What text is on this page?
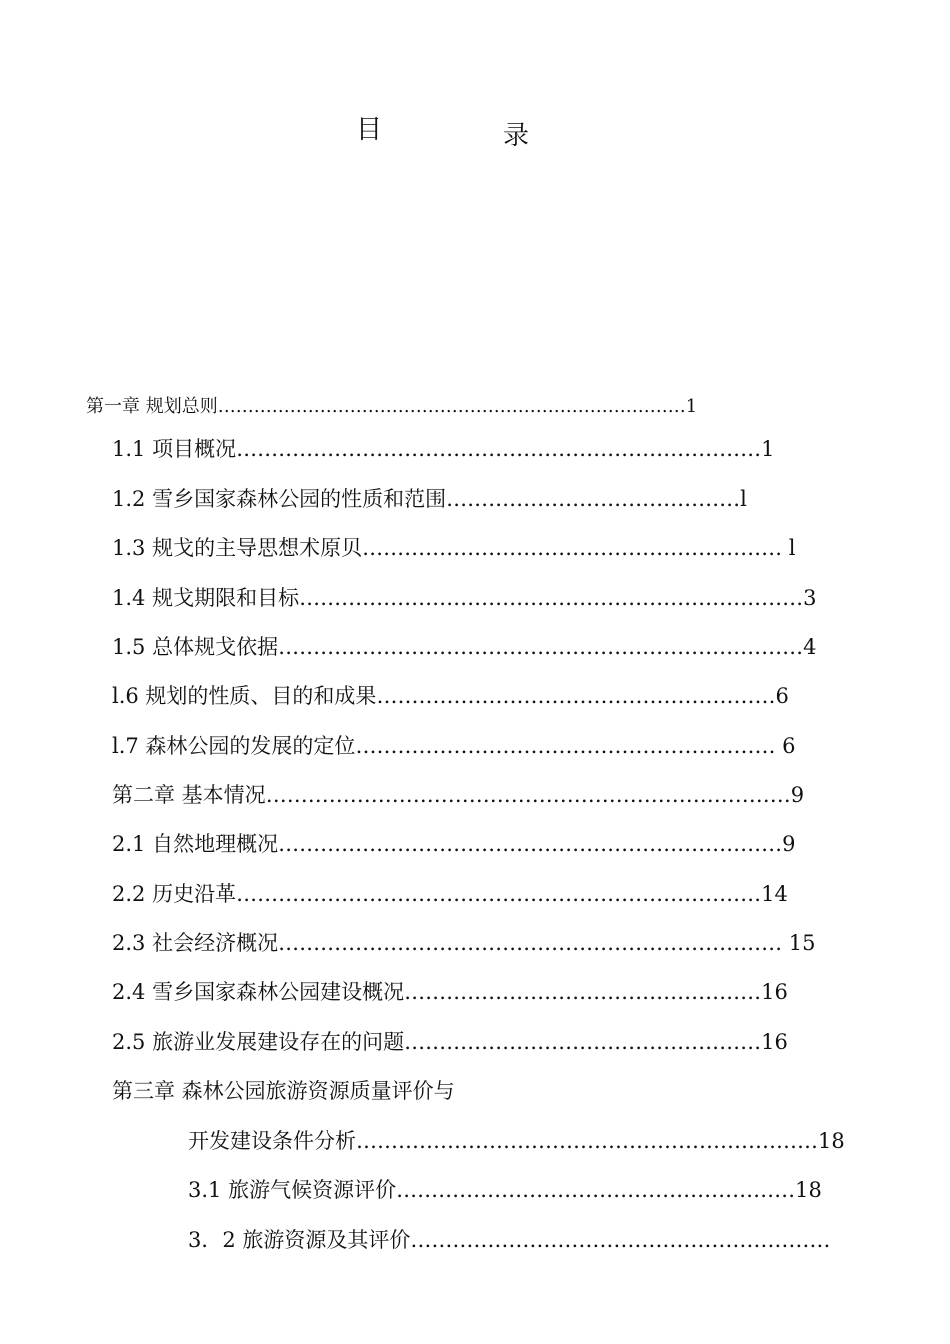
目	录
第一章 规划总则……………………………………………………………………1
1.1 项目概况…………………………………………………………………1
1.2 雪乡国家森林公园的性质和范围……………………………………l
1.3 规戈的主导思想术原贝…………………………………………………… l
1.4 规戈期限和目标………………………………………………………………3
1.5 总体规戈依据…………………………………………………………………4
l.6 规划的性质、目的和成果…………………………………………………6
l.7 森林公园的发展的定位…………………………………………………… 6
第二章 基本情况…………………………………………………………………9
2.1 自然地理概况………………………………………………………………9
2.2 历史沿革…………………………………………………………………14
2.3 社会经济概况……………………………………………………………… 15
2.4 雪乡国家森林公园建设概况……………………………………………16
2.5 旅游业发展建设存在的问题……………………………………………16
第三章 森林公园旅游资源质量评价与
开发建设条件分析…………………………………………………………18
3.1 旅游气候资源评价…………………………………………………18
3．2 旅游资源及其评价……………………………………………………
